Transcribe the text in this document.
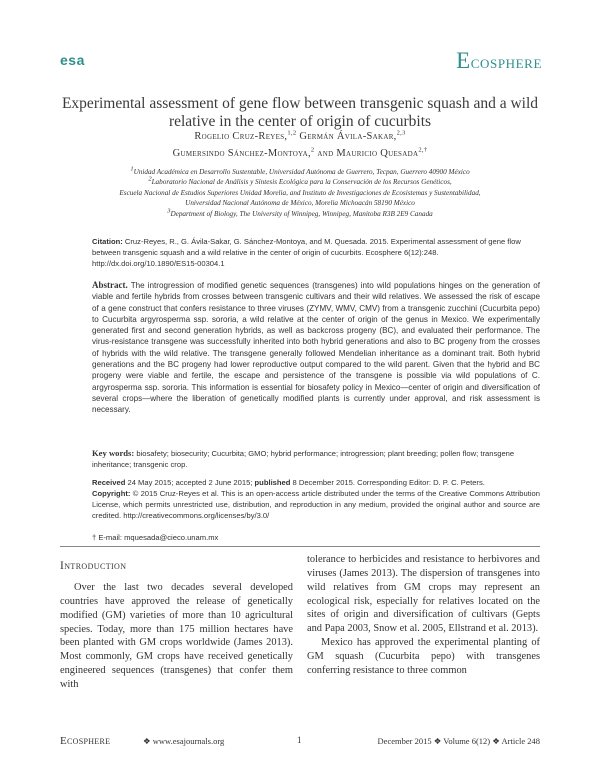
esa	Ecosphere
Experimental assessment of gene flow between transgenic squash and a wild relative in the center of origin of cucurbits
Rogelio Cruz-Reyes,$^{1,2}$ Germán Ávila-Sakar,$^{2,3}$
Gumersindo Sánchez-Montoya,$^2$ and Mauricio Quesada$^{2,\dagger}$
$^1$Unidad Académica en Desarrollo Sustentable, Universidad Autónoma de Guerrero, Tecpan, Guerrero 40900 México
$^2$Laboratorio Nacional de Análisis y Síntesis Ecológica para la Conservación de los Recursos Genéticos,
Escuela Nacional de Estudios Superiores Unidad Morelia, and Instituto de Investigaciones de Ecosistemas y Sustentabilidad,
Universidad Nacional Autónoma de México, Morelia Michoacán 58190 México
$^3$Department of Biology, The University of Winnipeg, Winnipeg, Manitoba R3B 2E9 Canada
Citation: Cruz-Reyes, R., G. Ávila-Sakar, G. Sánchez-Montoya, and M. Quesada. 2015. Experimental assessment of gene flow between transgenic squash and a wild relative in the center of origin of cucurbits. Ecosphere 6(12):248. http://dx.doi.org/10.1890/ES15-00304.1
Abstract. The introgression of modified genetic sequences (transgenes) into wild populations hinges on the generation of viable and fertile hybrids from crosses between transgenic cultivars and their wild relatives. We assessed the risk of escape of a gene construct that confers resistance to three viruses (ZYMV, WMV, CMV) from a transgenic zucchini (Cucurbita pepo) to Cucurbita argyrosperma ssp. sororia, a wild relative at the center of origin of the genus in Mexico. We experimentally generated first and second generation hybrids, as well as backcross progeny (BC), and evaluated their performance. The virus-resistance transgene was successfully inherited into both hybrid generations and also to BC progeny from the crosses of hybrids with the wild relative. The transgene generally followed Mendelian inheritance as a dominant trait. Both hybrid generations and the BC progeny had lower reproductive output compared to the wild parent. Given that the hybrid and BC progeny were viable and fertile, the escape and persistence of the transgene is possible via wild populations of C. argyrosperma ssp. sororia. This information is essential for biosafety policy in Mexico—center of origin and diversification of several crops—where the liberation of genetically modified plants is currently under approval, and risk assessment is necessary.
Key words: biosafety; biosecurity; Cucurbita; GMO; hybrid performance; introgression; plant breeding; pollen flow; transgene inheritance; transgenic crop.
Received 24 May 2015; accepted 2 June 2015; published 8 December 2015. Corresponding Editor: D. P. C. Peters.
Copyright: © 2015 Cruz-Reyes et al. This is an open-access article distributed under the terms of the Creative Commons Attribution License, which permits unrestricted use, distribution, and reproduction in any medium, provided the original author and source are credited. http://creativecommons.org/licenses/by/3.0/
† E-mail: mquesada@cieco.unam.mx
Introduction
Over the last two decades several developed countries have approved the release of genetically modified (GM) varieties of more than 10 agricultural species. Today, more than 175 million hectares have been planted with GM crops worldwide (James 2013). Most commonly, GM crops have received genetically engineered sequences (transgenes) that confer them with

tolerance to herbicides and resistance to herbivores and viruses (James 2013). The dispersion of transgenes into wild relatives from GM crops may represent an ecological risk, especially for relatives located on the sites of origin and diversification of cultivars (Gepts and Papa 2003, Snow et al. 2005, Ellstrand et al. 2013).

Mexico has approved the experimental planting of GM squash (Cucurbita pepo) with transgenes conferring resistance to three common

Ecosphere	❖ www.esajournals.org	1	December 2015 ❖ Volume 6(12) ❖ Article 248
